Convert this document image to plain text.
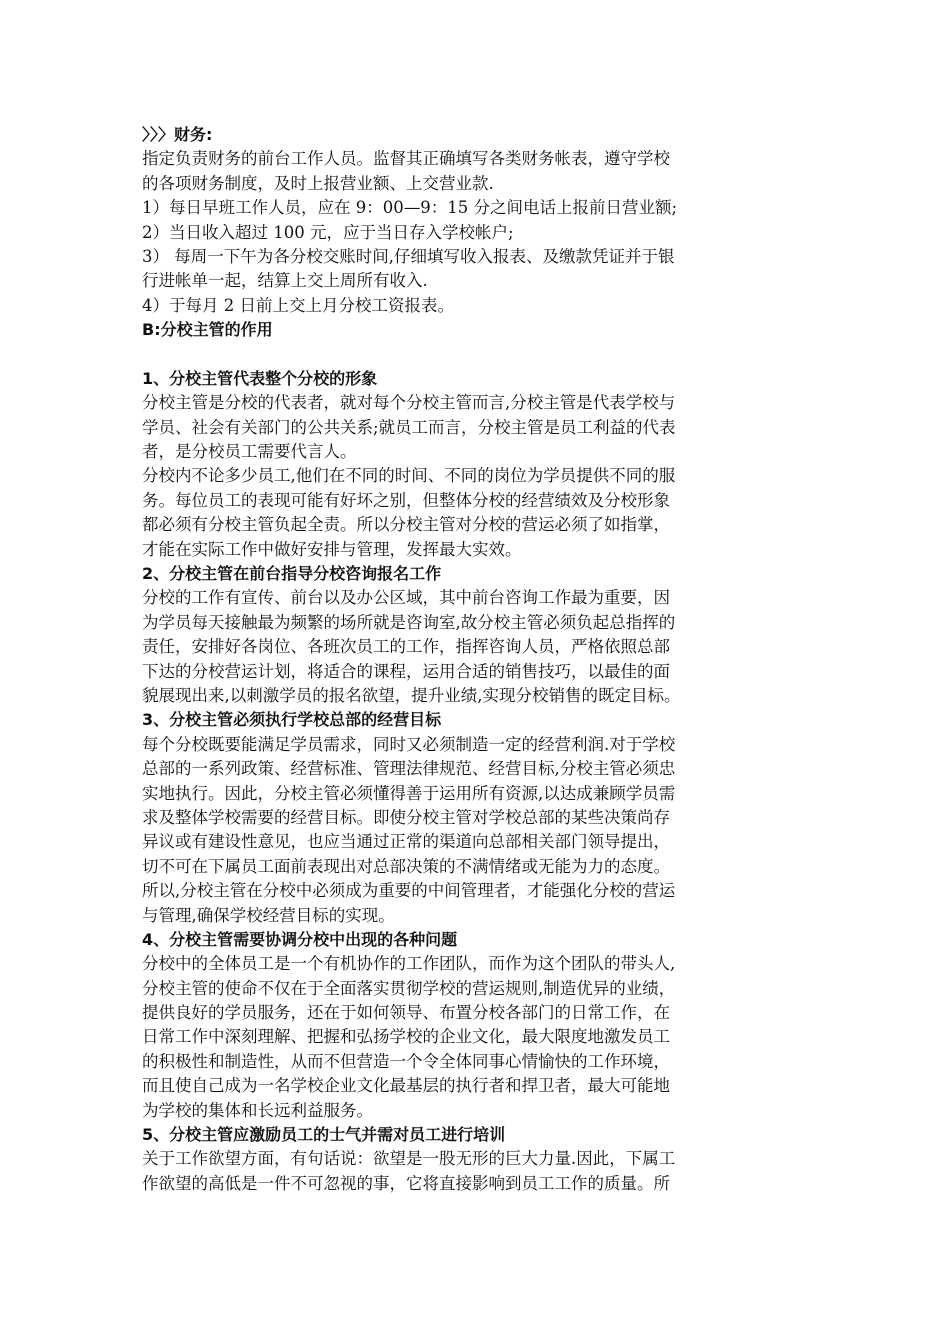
〉〉〉财务:
指定负责财务的前台工作人员。监督其正确填写各类财务帐表，遵守学校
的各项财务制度，及时上报营业额、上交营业款.
1）每日早班工作人员，应在 9：00—9：15 分之间电话上报前日营业额;
2）当日收入超过 100 元，应于当日存入学校帐户;
3） 每周一下午为各分校交账时间,仔细填写收入报表、及缴款凭证并于银
行进帐单一起，结算上交上周所有收入.
4）于每月 2 日前上交上月分校工资报表。
B:分校主管的作用
1、分校主管代表整个分校的形象
分校主管是分校的代表者，就对每个分校主管而言,分校主管是代表学校与
学员、社会有关部门的公共关系;就员工而言，分校主管是员工利益的代表
者，是分校员工需要代言人。
分校内不论多少员工,他们在不同的时间、不同的岗位为学员提供不同的服
务。每位员工的表现可能有好坏之别，但整体分校的经营绩效及分校形象
都必须有分校主管负起全责。所以分校主管对分校的营运必须了如指掌，
才能在实际工作中做好安排与管理，发挥最大实效。
2、分校主管在前台指导分校咨询报名工作
分校的工作有宣传、前台以及办公区域，其中前台咨询工作最为重要，因
为学员每天接触最为频繁的场所就是咨询室,故分校主管必须负起总指挥的
责任，安排好各岗位、各班次员工的工作，指挥咨询人员，严格依照总部
下达的分校营运计划，将适合的课程，运用合适的销售技巧，以最佳的面
貌展现出来,以刺激学员的报名欲望，提升业绩,实现分校销售的既定目标。
3、分校主管必须执行学校总部的经营目标
每个分校既要能满足学员需求，同时又必须制造一定的经营利润.对于学校
总部的一系列政策、经营标准、管理法律规范、经营目标,分校主管必须忠
实地执行。因此，分校主管必须懂得善于运用所有资源,以达成兼顾学员需
求及整体学校需要的经营目标。即使分校主管对学校总部的某些决策尚存
异议或有建设性意见，也应当通过正常的渠道向总部相关部门领导提出，
切不可在下属员工面前表现出对总部决策的不满情绪或无能为力的态度。
所以,分校主管在分校中必须成为重要的中间管理者，才能强化分校的营运
与管理,确保学校经营目标的实现。
4、分校主管需要协调分校中出现的各种问题
分校中的全体员工是一个有机协作的工作团队，而作为这个团队的带头人,
分校主管的使命不仅在于全面落实贯彻学校的营运规则,制造优异的业绩，
提供良好的学员服务，还在于如何领导、布置分校各部门的日常工作，在
日常工作中深刻理解、把握和弘扬学校的企业文化，最大限度地激发员工
的积极性和制造性，从而不但营造一个令全体同事心情愉快的工作环境，
而且使自己成为一名学校企业文化最基层的执行者和捍卫者，最大可能地
为学校的集体和长远利益服务。
5、分校主管应激励员工的士气并需对员工进行培训
关于工作欲望方面，有句话说：欲望是一股无形的巨大力量.因此，下属工
作欲望的高低是一件不可忽视的事，它将直接影响到员工工作的质量。所
